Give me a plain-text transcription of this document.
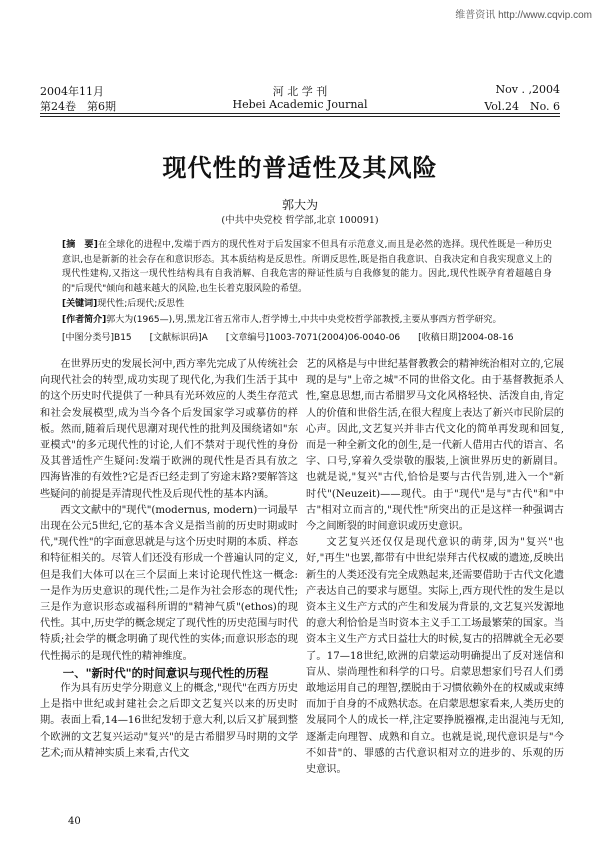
维普资讯 http://www.cqvip.com
2004年11月	河 北 学 刊	Nov . ,2004
第24卷　第6期	Hebei Academic Journal	Vol.24　No. 6
现代性的普适性及其风险
郭大为
(中共中央党校 哲学部,北京 100091)
[摘　要]在全球化的进程中,发端于西方的现代性对于后发国家不但具有示范意义,而且是必然的选择。现代性既是一种历史意识,也是新新的社会存在和意识形态。其本质结构是反思性。所谓反思性,既是指自我意识、自我决定和自我实现意义上的现代性建构,又指这一现代性结构具有自我消解、自我危害的辩证性质与自我修复的能力。因此,现代性既孕育着超越自身的"后现代"倾向和越来越大的风险,也生长着克服风险的希望。
[关键词]现代性;后现代;反思性
[作者简介]郭大为(1965—),男,黑龙江省五常市人,哲学博士,中共中央党校哲学部教授,主要从事西方哲学研究。
[中图分类号]B15 [文献标识码]A [文章编号]1003-7071(2004)06-0040-06 [收稿日期]2004-08-16

在世界历史的发展长河中,西方率先完成了从传统社会向现代社会的转型,成功实现了现代化,为我们生活于其中的这个历史时代提供了一种具有光环效应的人类生存范式和社会发展模型,成为当今各个后发国家学习或摹仿的样板。然而,随着后现代思潮对现代性的批判及围绕诸如"东亚模式"的多元现代性的讨论,人们不禁对于现代性的身份及其普适性产生疑问:发端于欧洲的现代性是否具有放之四海皆准的有效性?它是否已经走到了穷途末路?要解答这些疑问的前提是弄清现代性及后现代性的基本内涵。

西文文献中的"现代"(modernus, modern)一词最早出现在公元5世纪,它的基本含义是指当前的历史时期或时代,"现代性"的字面意思就是与这个历史时期的本质、样态和特征相关的。尽管人们还没有形成一个普遍认同的定义,但是我们大体可以在三个层面上来讨论现代性这一概念:一是作为历史意识的现代性;二是作为社会形态的现代性;三是作为意识形态或福科所谓的"精神气质"(ethos)的现代性。其中,历史学的概念规定了现代性的历史范围与时代特质;社会学的概念明确了现代性的实体;而意识形态的现代性揭示的是现代性的精神维度。

一、"新时代"的时间意识与现代性的历程

作为具有历史学分期意义上的概念,"现代"在西方历史上是指中世纪或封建社会之后即文艺复兴以来的历史时期。表面上看,14—16世纪发轫于意大利,以后又扩展到整个欧洲的文艺复兴运动"复兴"的是古希腊罗马时期的文学艺术;而从精神实质上来看,古代文

艺的风格是与中世纪基督教教会的精神统治相对立的,它展现的是与"上帝之城"不同的世俗文化。由于基督教扼杀人性,窒息思想,而古希腊罗马文化风格轻快、活泼自由,肯定人的价值和世俗生活,在很大程度上表达了新兴市民阶层的心声。因此,文艺复兴并非古代文化的简单再发现和回复,而是一种全新文化的创生,是一代新人借用古代的语言、名字、口号,穿着久受崇敬的服装,上演世界历史的新剧目。也就是说,"复兴"古代,恰恰是要与古代告别,进入一个"新时代"(Neuzeit)——现代。由于"现代"是与"古代"和"中古"相对立而言的,"现代性"所突出的正是这样一种强调古今之间断裂的时间意识或历史意识。

文艺复兴还仅仅是现代意识的萌芽,因为"复兴"也好,"再生"也罢,都带有中世纪崇拜古代权威的遗迹,反映出新生的人类还没有完全成熟起来,还需要借助于古代文化遗产表达自己的要求与愿望。实际上,西方现代性的发生是以资本主义生产方式的产生和发展为背景的,文艺复兴发源地的意大利恰恰是当时资本主义手工工场最繁荣的国家。当资本主义生产方式日益壮大的时候,复古的招牌就全无必要了。17—18世纪,欧洲的启蒙运动明确提出了反对迷信和盲从、崇尚理性和科学的口号。启蒙思想家们号召人们勇敢地运用自己的理智,摆脱由于习惯依赖外在的权威或束缚而加于自身的不成熟状态。在启蒙思想家看来,人类历史的发展同个人的成长一样,注定要挣脱襁褓,走出混沌与无知,逐渐走向理智、成熟和自立。也就是说,现代意识是与"今不如昔"的、罪感的古代意识相对立的进步的、乐观的历史意识。

40
